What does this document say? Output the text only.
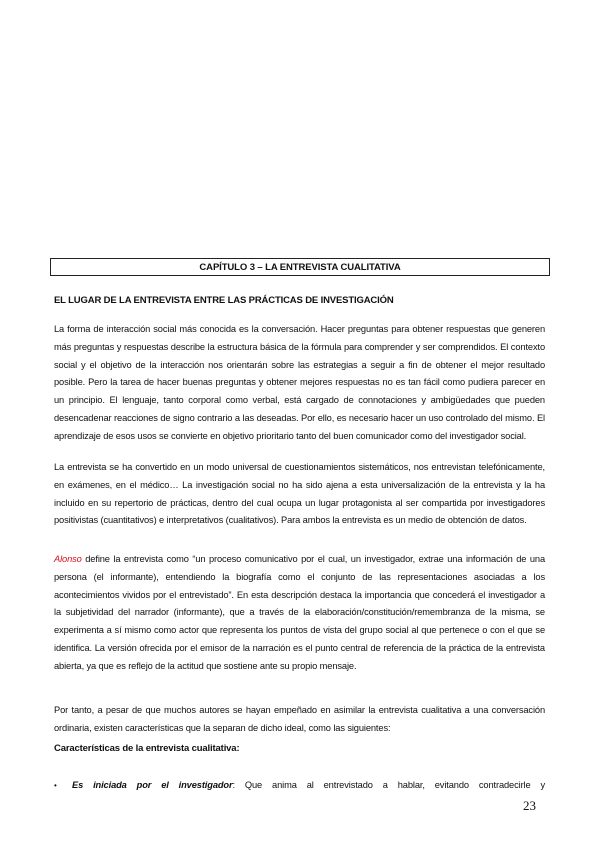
CAPÍTULO 3 – LA ENTREVISTA CUALITATIVA
EL LUGAR DE LA ENTREVISTA ENTRE LAS PRÁCTICAS DE INVESTIGACIÓN

La forma de interacción social más conocida es la conversación. Hacer preguntas para obtener respuestas que generen más preguntas y respuestas describe la estructura básica de la fórmula para comprender y ser comprendidos. El contexto social y el objetivo de la interacción nos orientarán sobre las estrategias a seguir a fin de obtener el mejor resultado posible. Pero la tarea de hacer buenas preguntas y obtener mejores respuestas no es tan fácil como pudiera parecer en un principio. El lenguaje, tanto corporal como verbal, está cargado de connotaciones y ambigüedades que pueden desencadenar reacciones de signo contrario a las deseadas. Por ello, es necesario hacer un uso controlado del mismo. El aprendizaje de esos usos se convierte en objetivo prioritario tanto del buen comunicador como del investigador social.

La entrevista se ha convertido en un modo universal de cuestionamientos sistemáticos, nos entrevistan telefónicamente, en exámenes, en el médico… La investigación social no ha sido ajena a esta universalización de la entrevista y la ha incluido en su repertorio de prácticas, dentro del cual ocupa un lugar protagonista al ser compartida por investigadores positivistas (cuantitativos) e interpretativos (cualitativos). Para ambos la entrevista es un medio de obtención de datos.

Alonso define la entrevista como “un proceso comunicativo por el cual, un investigador, extrae una información de una persona (el informante), entendiendo la biografía como el conjunto de las representaciones asociadas a los acontecimientos vividos por el entrevistado”. En esta descripción destaca la importancia que concederá el investigador a la subjetividad del narrador (informante), que a través de la elaboración/constitución/remembranza de la misma, se experimenta a sí mismo como actor que representa los puntos de vista del grupo social al que pertenece o con el que se identifica. La versión ofrecida por el emisor de la narración es el punto central de referencia de la práctica de la entrevista abierta, ya que es reflejo de la actitud que sostiene ante su propio mensaje.

Por tanto, a pesar de que muchos autores se hayan empeñado en asimilar la entrevista cualitativa a una conversación ordinaria, existen características que la separan de dicho ideal, como las siguientes:

Características de la entrevista cualitativa:
•	Es iniciada por el investigador: Que anima al entrevistado a hablar, evitando contradecirle y
23
